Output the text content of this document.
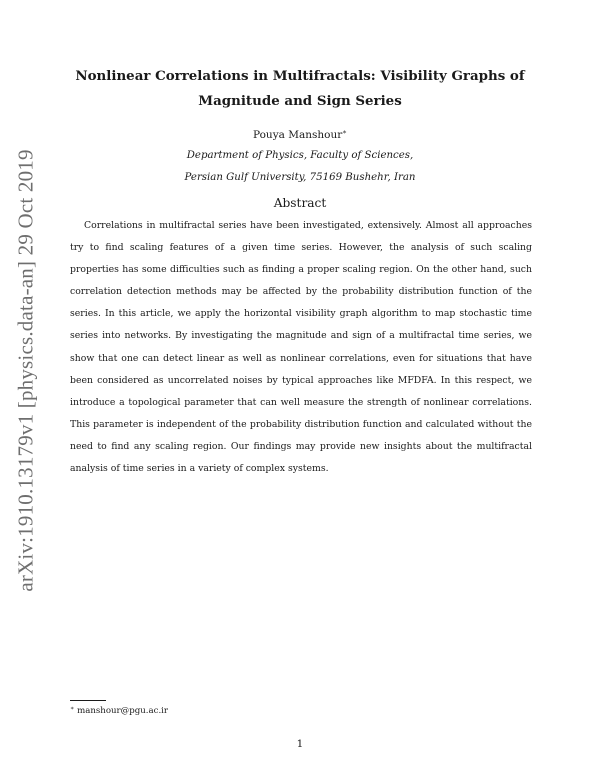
arXiv:1910.13179v1 [physics.data-an] 29 Oct 2019
Nonlinear Correlations in Multifractals: Visibility Graphs of Magnitude and Sign Series
Pouya Manshour∗
Department of Physics, Faculty of Sciences,
Persian Gulf University, 75169 Bushehr, Iran
Abstract

Correlations in multifractal series have been investigated, extensively. Almost all approaches try to find scaling features of a given time series. However, the analysis of such scaling properties has some difficulties such as finding a proper scaling region. On the other hand, such correlation detection methods may be affected by the probability distribution function of the series. In this article, we apply the horizontal visibility graph algorithm to map stochastic time series into networks. By investigating the magnitude and sign of a multifractal time series, we show that one can detect linear as well as nonlinear correlations, even for situations that have been considered as uncorrelated noises by typical approaches like MFDFA. In this respect, we introduce a topological parameter that can well measure the strength of nonlinear correlations. This parameter is independent of the probability distribution function and calculated without the need to find any scaling region. Our findings may provide new insights about the multifractal analysis of time series in a variety of complex systems.

∗ manshour@pgu.ac.ir
1
